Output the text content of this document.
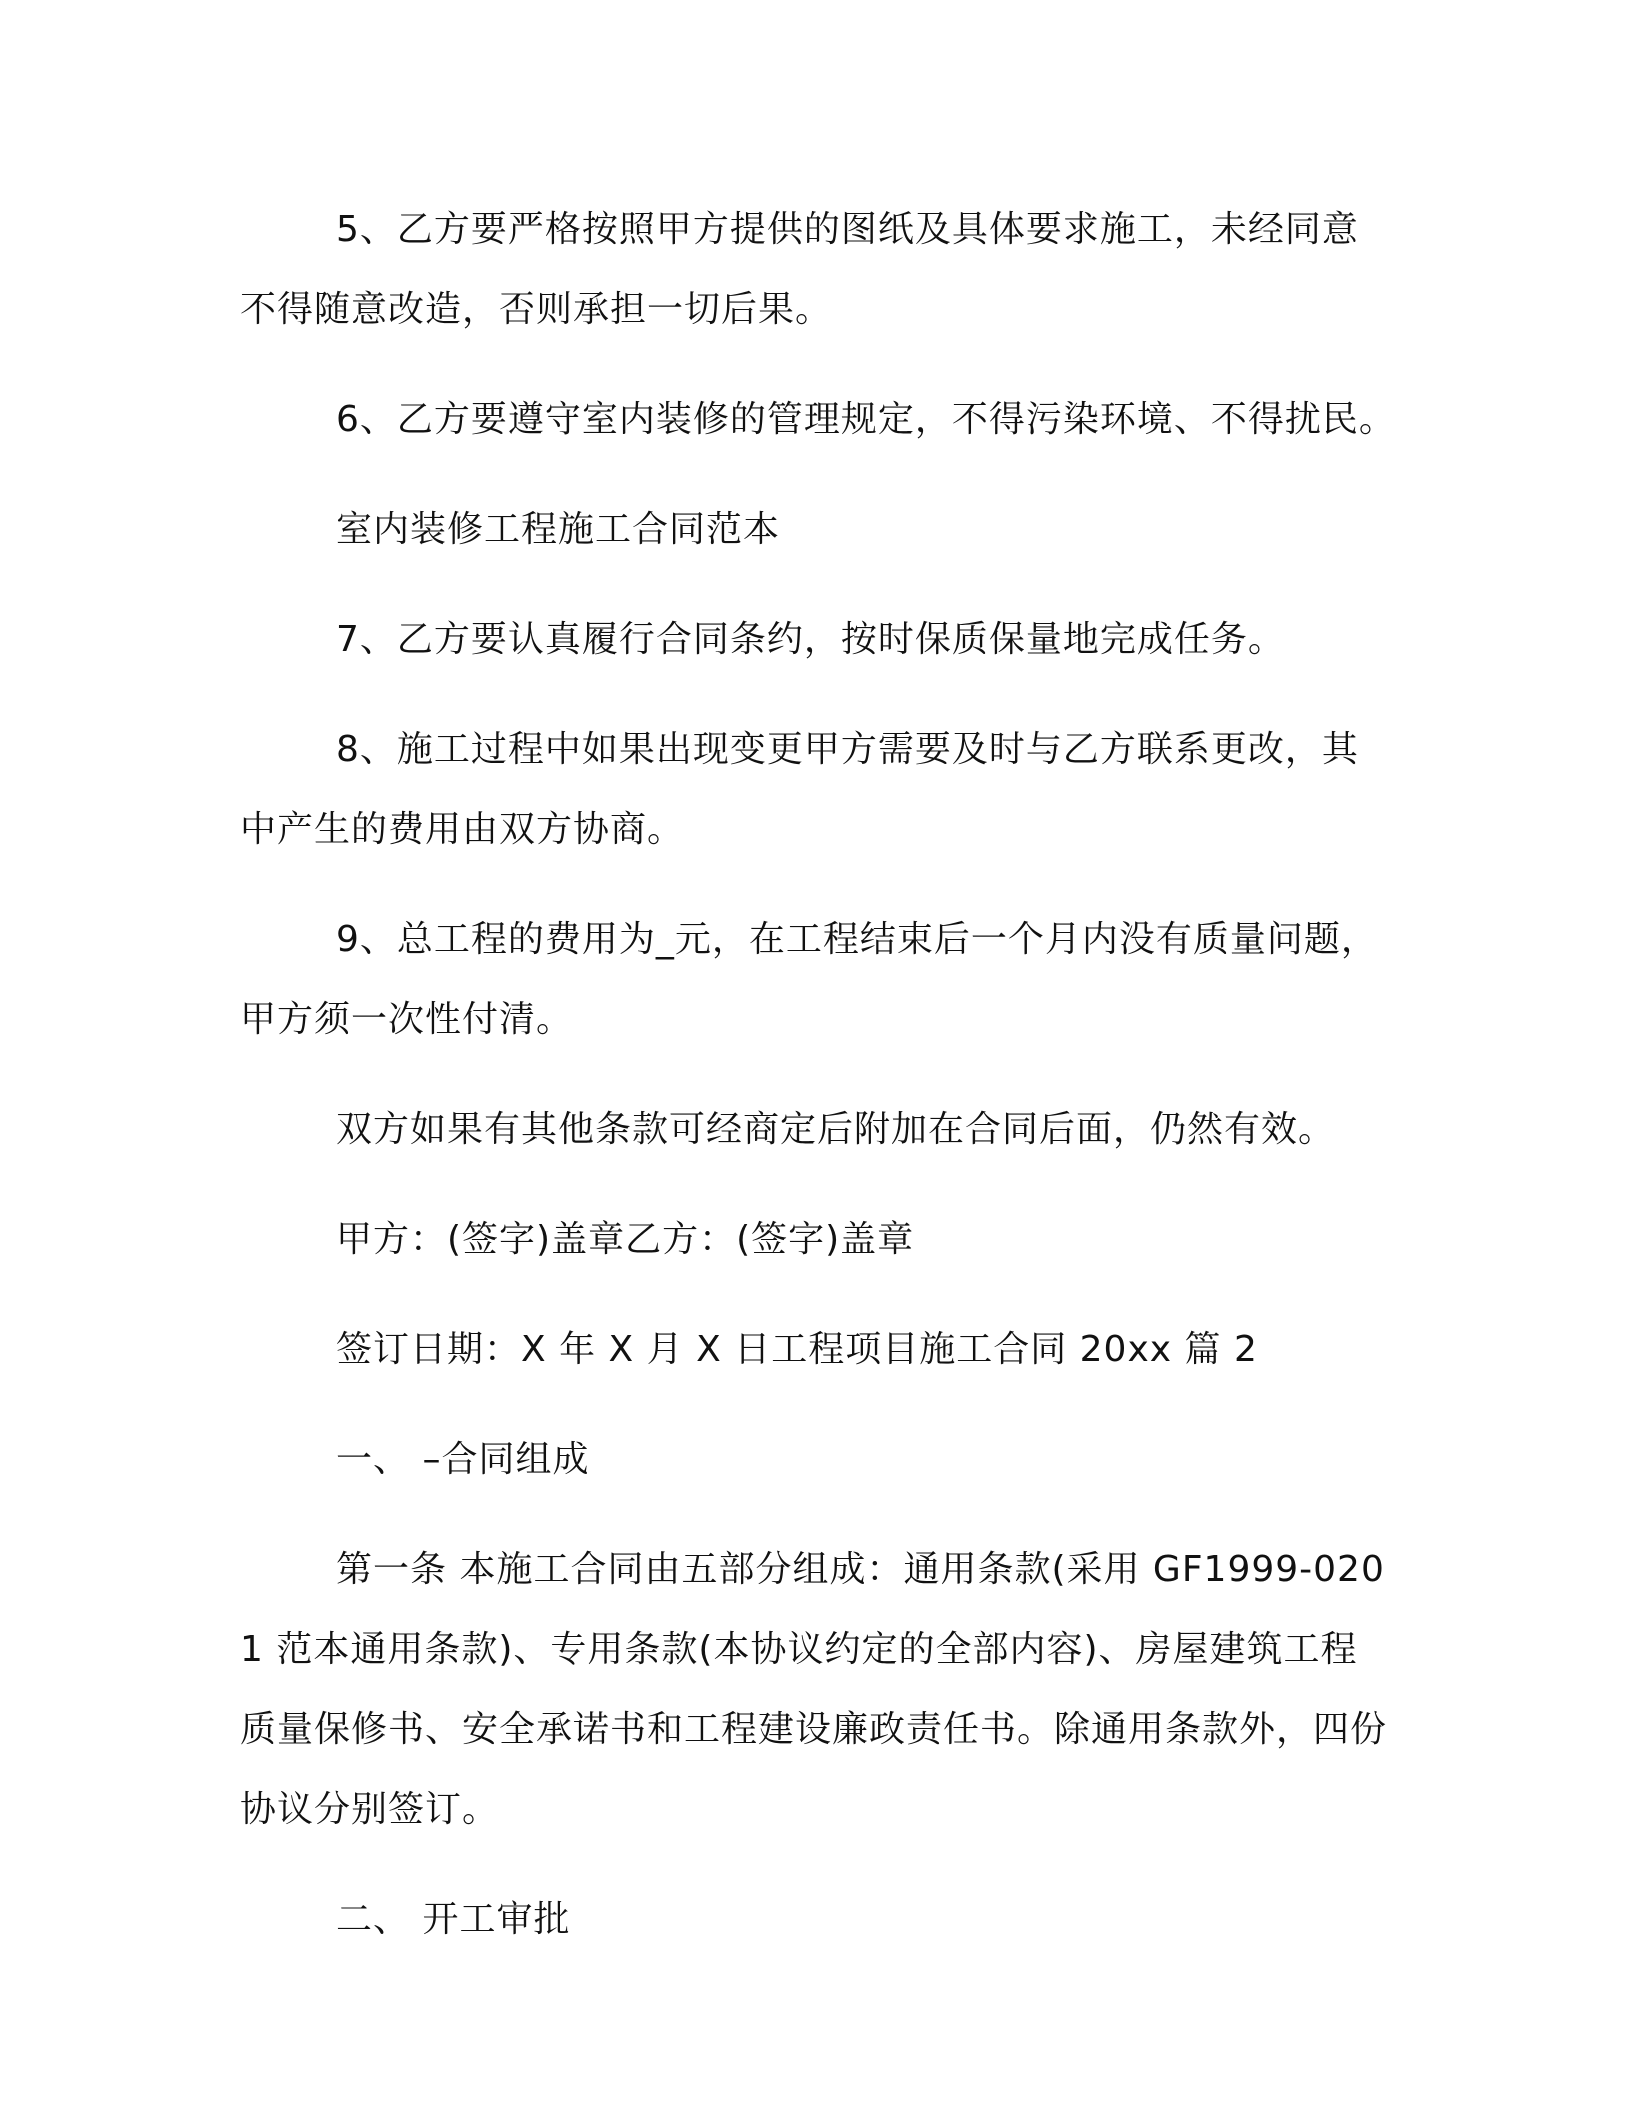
5、乙方要严格按照甲方提供的图纸及具体要求施工，未经同意不得随意改造，否则承担一切后果。

6、乙方要遵守室内装修的管理规定，不得污染环境、不得扰民。

室内装修工程施工合同范本

7、乙方要认真履行合同条约，按时保质保量地完成任务。

8、施工过程中如果出现变更甲方需要及时与乙方联系更改，其中产生的费用由双方协商。

9、总工程的费用为_元，在工程结束后一个月内没有质量问题，甲方须一次性付清。

双方如果有其他条款可经商定后附加在合同后面，仍然有效。

甲方：(签字)盖章乙方：(签字)盖章

签订日期：X 年 X 月 X 日工程项目施工合同 20xx 篇 2

一、 –合同组成

第一条 本施工合同由五部分组成：通用条款(采用 GF1999-0201 范本通用条款)、专用条款(本协议约定的全部内容)、房屋建筑工程质量保修书、安全承诺书和工程建设廉政责任书。除通用条款外，四份协议分别签订。

二、 开工审批
